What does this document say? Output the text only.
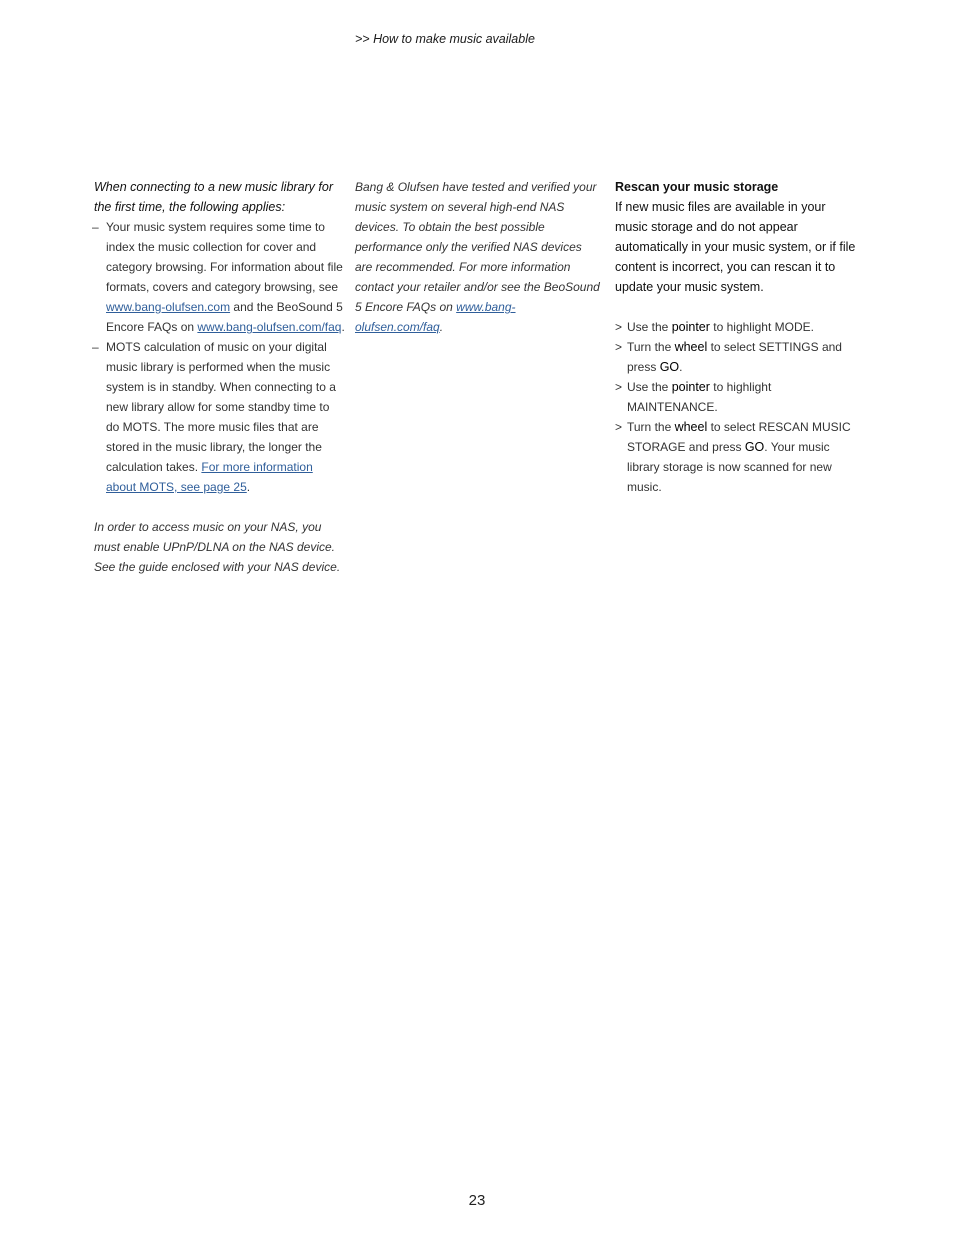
>> How to make music available
When connecting to a new music library for the first time, the following applies:
– Your music system requires some time to index the music collection for cover and category browsing. For information about file formats, covers and category browsing, see www.bang-olufsen.com and the BeoSound 5 Encore FAQs on www.bang-olufsen.com/faq.
– MOTS calculation of music on your digital music library is performed when the music system is in standby. When connecting to a new library allow for some standby time to do MOTS. The more music files that are stored in the music library, the longer the calculation takes. For more information about MOTS, see page 25.
In order to access music on your NAS, you must enable UPnP/DLNA on the NAS device. See the guide enclosed with your NAS device.
Bang & Olufsen have tested and verified your music system on several high-end NAS devices. To obtain the best possible performance only the verified NAS devices are recommended. For more information contact your retailer and/or see the BeoSound 5 Encore FAQs on www.bang-olufsen.com/faq.
Rescan your music storage
If new music files are available in your music storage and do not appear automatically in your music system, or if file content is incorrect, you can rescan it to update your music system.
> Use the pointer to highlight MODE.
> Turn the wheel to select SETTINGS and press GO.
> Use the pointer to highlight MAINTENANCE.
> Turn the wheel to select RESCAN MUSIC STORAGE and press GO. Your music library storage is now scanned for new music.
23
